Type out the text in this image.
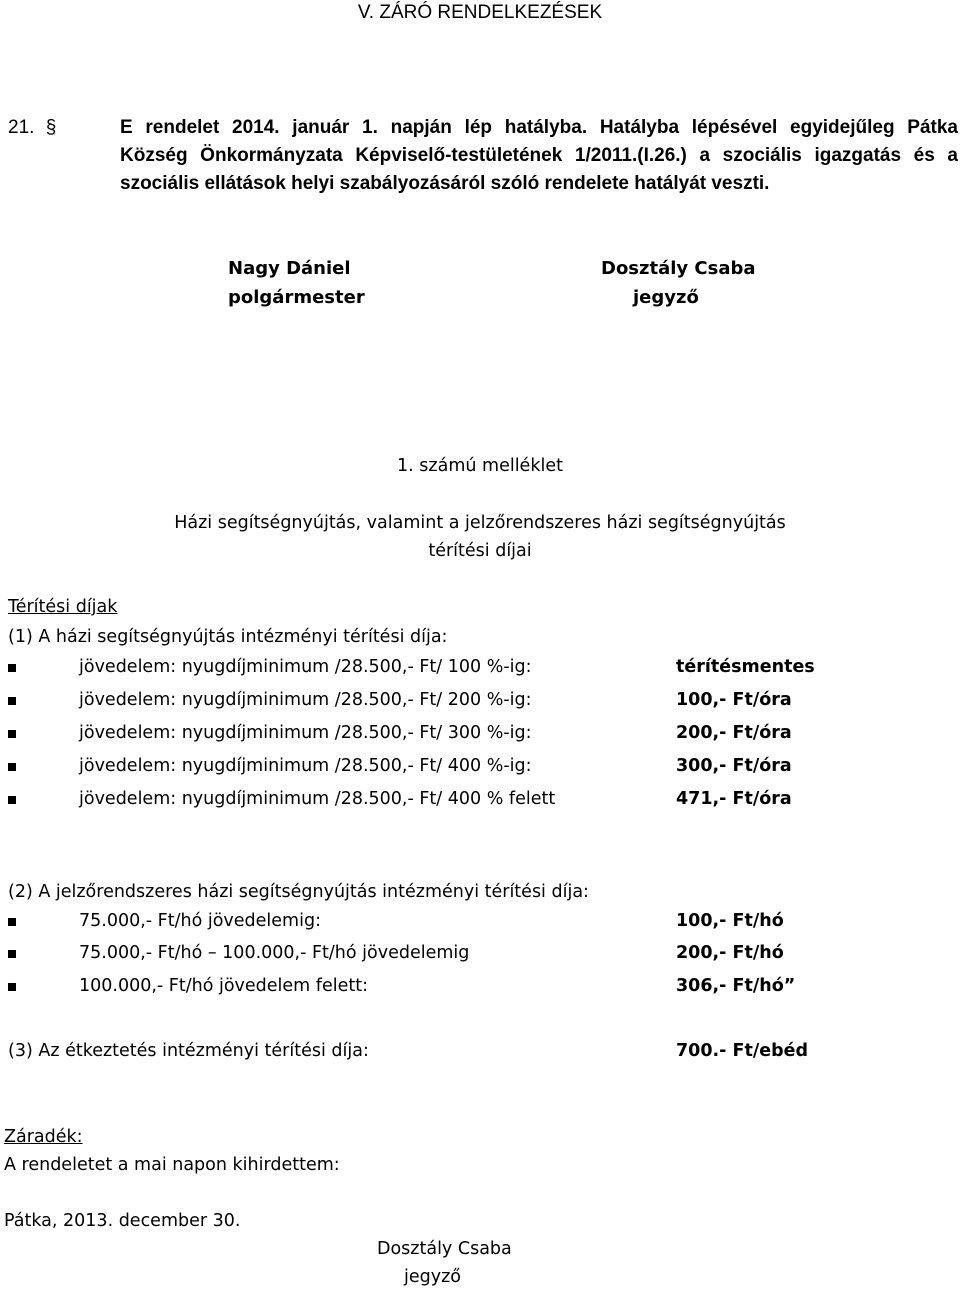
V. ZÁRÓ RENDELKEZÉSEK
21. §	E rendelet 2014. január 1. napján lép hatályba. Hatályba lépésével egyidejűleg Pátka
Község Önkormányzata Képviselő-testületének 1/2011.(I.26.) a szociális igazgatás és a
szociális ellátások helyi szabályozásáról szóló rendelete hatályát veszti.
Nagy Dániel
polgármester
Dosztály Csaba
jegyző
1. számú melléklet
Házi segítségnyújtás, valamint a jelzőrendszeres házi segítségnyújtás
térítési díjai
Térítési díjak
(1) A házi segítségnyújtás intézményi térítési díja:
jövedelem: nyugdíjminimum /28.500,- Ft/ 100 %-ig:	térítésmentes
jövedelem: nyugdíjminimum /28.500,- Ft/ 200 %-ig:	100,- Ft/óra
jövedelem: nyugdíjminimum /28.500,- Ft/ 300 %-ig:	200,- Ft/óra
jövedelem: nyugdíjminimum /28.500,- Ft/ 400 %-ig:	300,- Ft/óra
jövedelem: nyugdíjminimum /28.500,- Ft/ 400 % felett	471,- Ft/óra
(2) A jelzőrendszeres házi segítségnyújtás intézményi térítési díja:
75.000,- Ft/hó jövedelemig:	100,- Ft/hó
75.000,- Ft/hó – 100.000,- Ft/hó jövedelemig	200,- Ft/hó
100.000,- Ft/hó jövedelem felett:	306,- Ft/hó”
(3) Az étkeztetés intézményi térítési díja:	700.- Ft/ebéd
Záradék:
A rendeletet a mai napon kihirdettem:
Pátka, 2013. december 30.
Dosztály Csaba
jegyző
